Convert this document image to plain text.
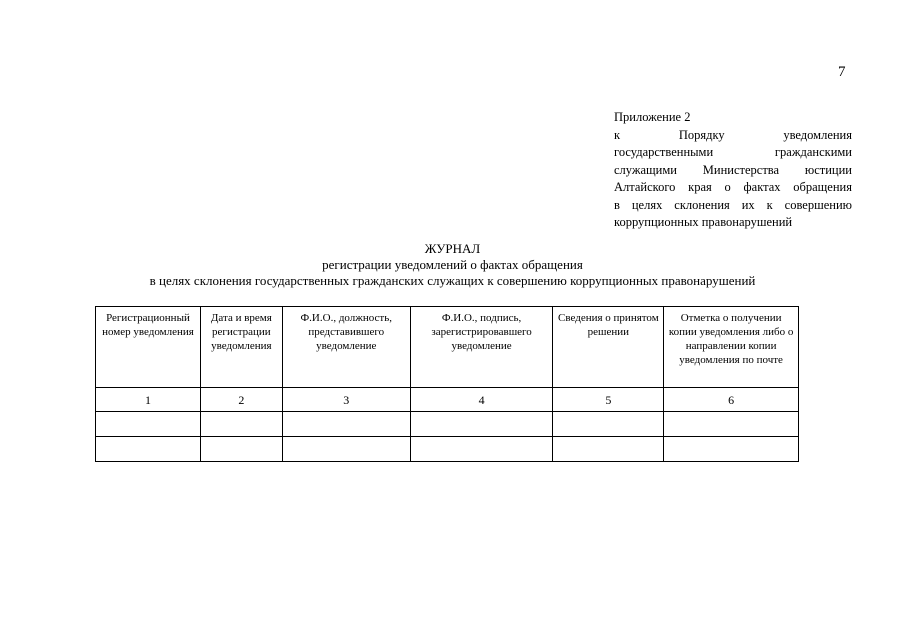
7
Приложение 2
к Порядку уведомления
государственными гражданскими
служащими Министерства юстиции
Алтайского края о фактах обращения
в целях склонения их к совершению
коррупционных правонарушений
ЖУРНАЛ
регистрации уведомлений о фактах обращения
в целях склонения государственных гражданских служащих к совершению коррупционных правонарушений
Регистрационный номер уведомления	Дата и время регистрации уведомления	Ф.И.О., должность, представившего уведомление	Ф.И.О., подпись, зарегистрировавшего уведомление	Сведения о принятом решении	Отметка о получении копии уведомления либо о направлении копии уведомления по почте
1	2	3	4	5	6
